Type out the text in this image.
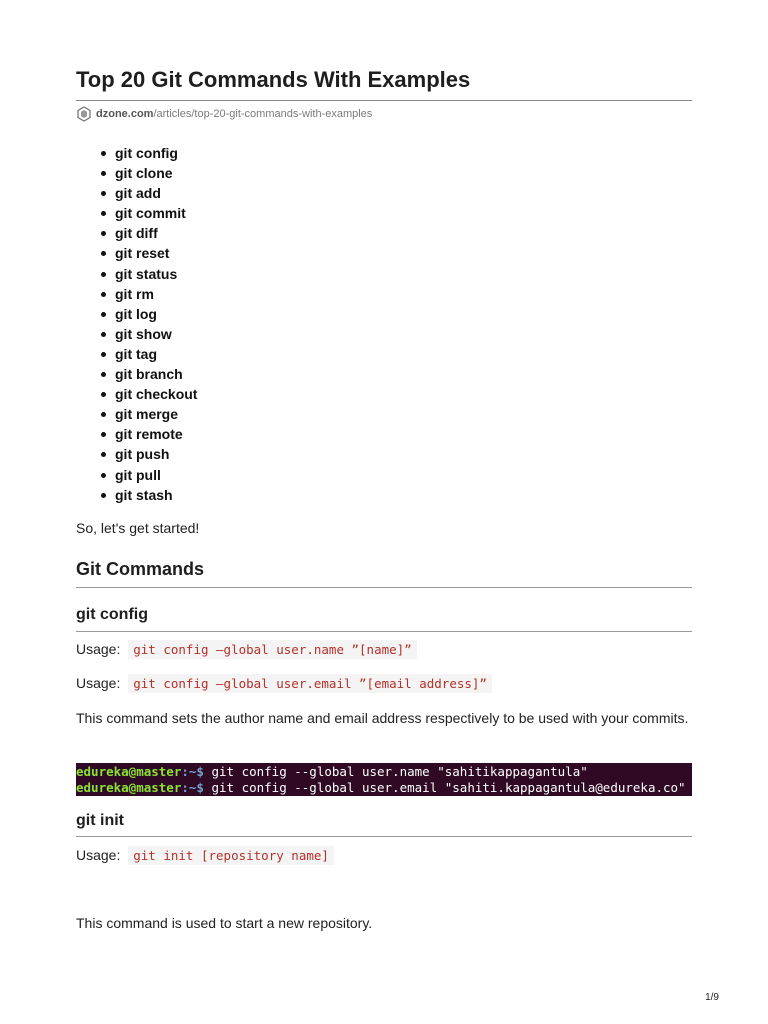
Top 20 Git Commands With Examples
dzone.com /articles/top-20-git-commands-with-examples
git config
git clone
git add
git commit
git diff
git reset
git status
git rm
git log
git show
git tag
git branch
git checkout
git merge
git remote
git push
git pull
git stash

So, let's get started!

Git Commands
git config

Usage: git config –global user.name ”[name]”

Usage: git config –global user.email ”[email address]”

This command sets the author name and email address respectively to be used with your commits.

edureka@master:~$ git config --global user.name "sahitikappagantula"
edureka@master:~$ git config --global user.email "sahiti.kappagantula@edureka.co"
git init

Usage: git init [repository name]

This command is used to start a new repository.

1/9
